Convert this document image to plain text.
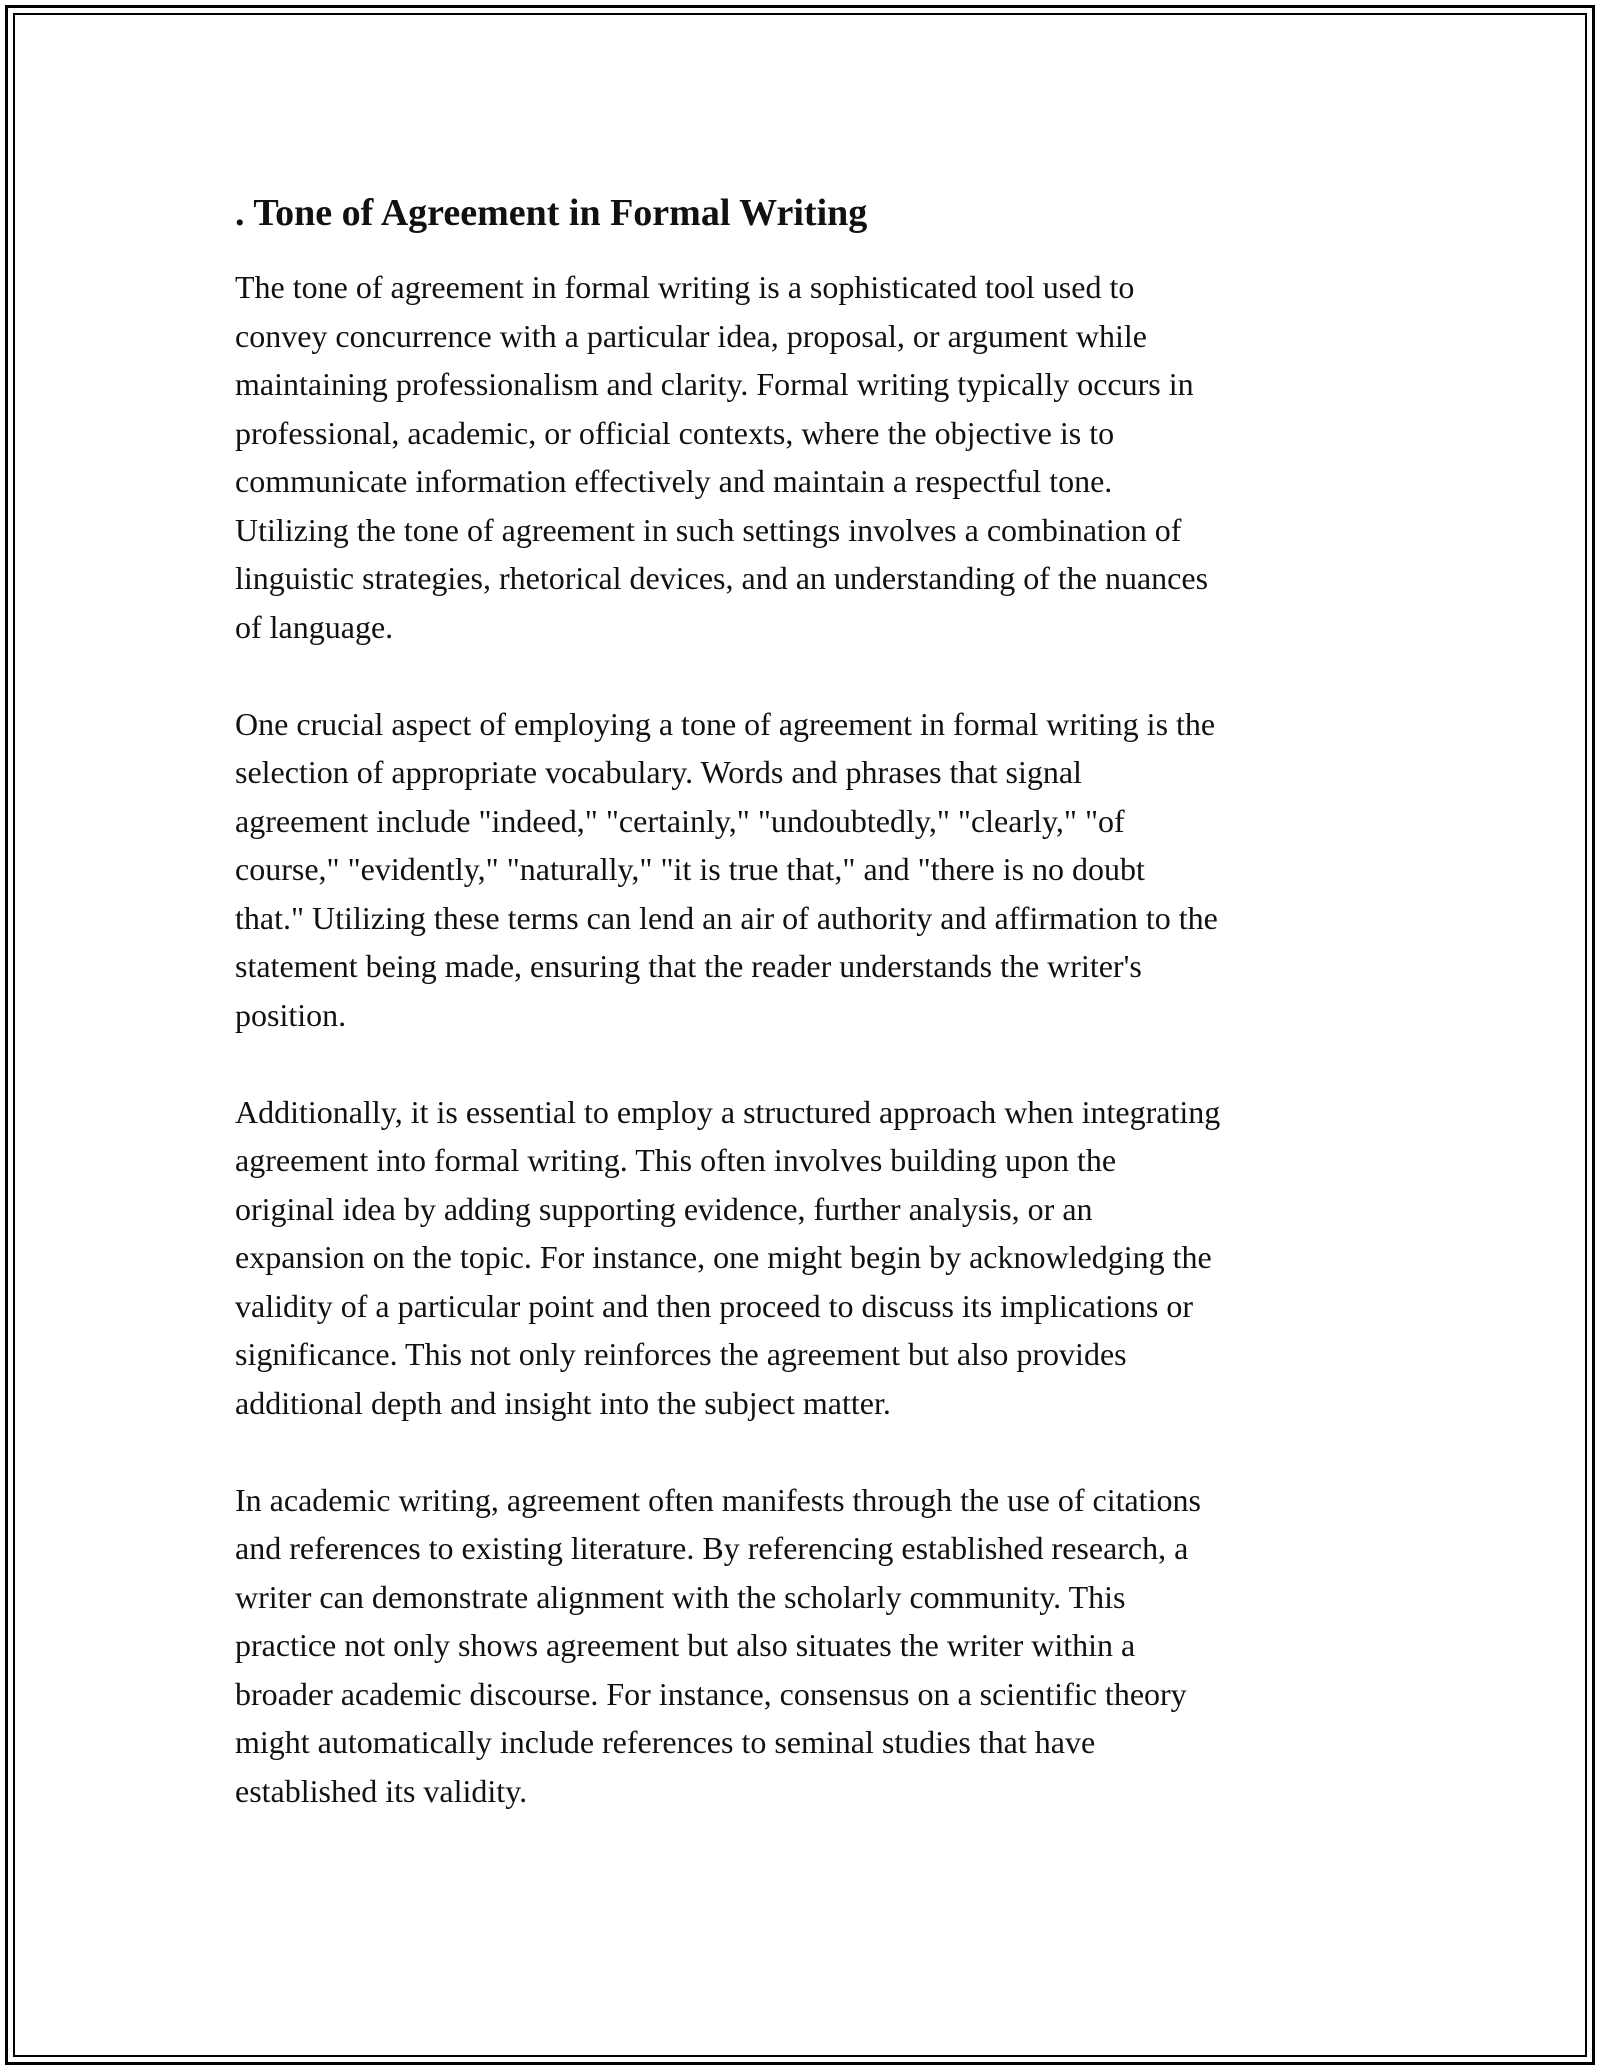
. Tone of Agreement in Formal Writing

The tone of agreement in formal writing is a sophisticated tool used to
convey concurrence with a particular idea, proposal, or argument while
maintaining professionalism and clarity. Formal writing typically occurs in
professional, academic, or official contexts, where the objective is to
communicate information effectively and maintain a respectful tone.
Utilizing the tone of agreement in such settings involves a combination of
linguistic strategies, rhetorical devices, and an understanding of the nuances
of language.

One crucial aspect of employing a tone of agreement in formal writing is the
selection of appropriate vocabulary. Words and phrases that signal
agreement include "indeed," "certainly," "undoubtedly," "clearly," "of
course," "evidently," "naturally," "it is true that," and "there is no doubt
that." Utilizing these terms can lend an air of authority and affirmation to the
statement being made, ensuring that the reader understands the writer's
position.

Additionally, it is essential to employ a structured approach when integrating
agreement into formal writing. This often involves building upon the
original idea by adding supporting evidence, further analysis, or an
expansion on the topic. For instance, one might begin by acknowledging the
validity of a particular point and then proceed to discuss its implications or
significance. This not only reinforces the agreement but also provides
additional depth and insight into the subject matter.

In academic writing, agreement often manifests through the use of citations
and references to existing literature. By referencing established research, a
writer can demonstrate alignment with the scholarly community. This
practice not only shows agreement but also situates the writer within a
broader academic discourse. For instance, consensus on a scientific theory
might automatically include references to seminal studies that have
established its validity.
